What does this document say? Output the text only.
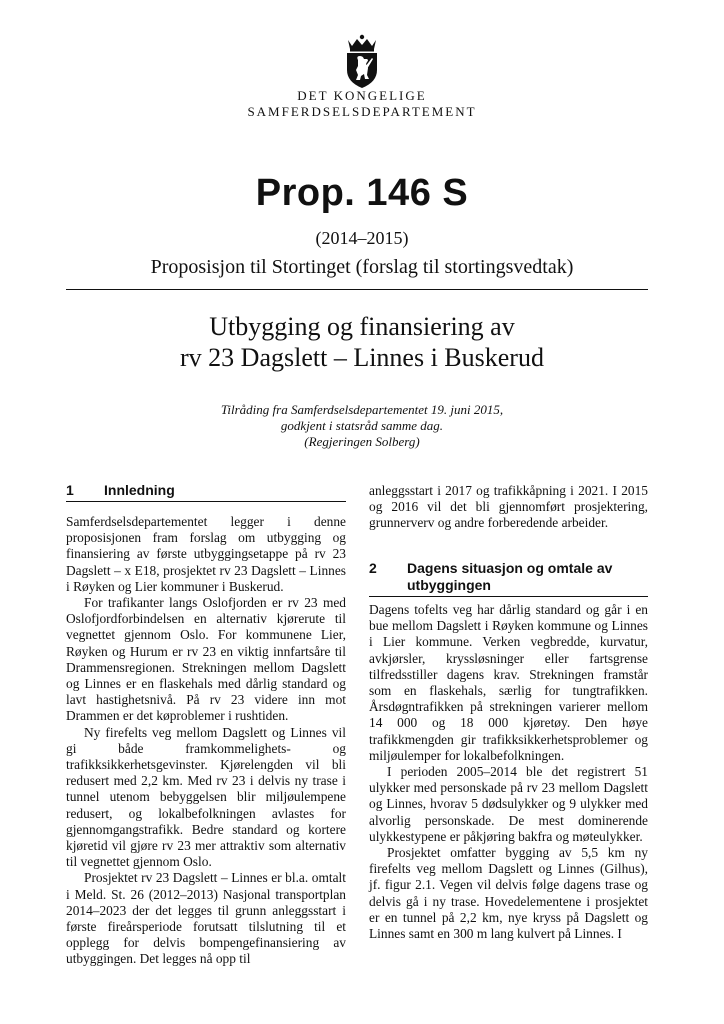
DET KONGELIGE
SAMFERDSELSDEPARTEMENT
Prop. 146 S
(2014–2015)
Proposisjon til Stortinget (forslag til stortingsvedtak)
Utbygging og finansiering av
rv 23 Dagslett – Linnes i Buskerud
Tilråding fra Samferdselsdepartementet 19. juni 2015,
godkjent i statsråd samme dag.
(Regjeringen Solberg)
1 Innledning

Samferdselsdepartementet legger i denne proposisjonen fram forslag om utbygging og finansiering av første utbyggingsetappe på rv 23 Dagslett – x E18, prosjektet rv 23 Dagslett – Linnes i Røyken og Lier kommuner i Buskerud.

For trafikanter langs Oslofjorden er rv 23 med Oslofjordforbindelsen en alternativ kjørerute til vegnettet gjennom Oslo. For kommunene Lier, Røyken og Hurum er rv 23 en viktig innfartsåre til Drammensregionen. Strekningen mellom Dagslett og Linnes er en flaskehals med dårlig standard og lavt hastighetsnivå. På rv 23 videre inn mot Drammen er det køproblemer i rushtiden.

Ny firefelts veg mellom Dagslett og Linnes vil gi både framkommelighets- og trafikksikkerhetsgevinster. Kjørelengden vil bli redusert med 2,2 km. Med rv 23 i delvis ny trase i tunnel utenom bebyggelsen blir miljøulempene redusert, og lokalbefolkningen avlastes for gjennomgangstrafikk. Bedre standard og kortere kjøretid vil gjøre rv 23 mer attraktiv som alternativ til vegnettet gjennom Oslo.

Prosjektet rv 23 Dagslett – Linnes er bl.a. omtalt i Meld. St. 26 (2012–2013) Nasjonal transportplan 2014–2023 der det legges til grunn anleggsstart i første fireårsperiode forutsatt tilslutning til et opplegg for delvis bompengefinansiering av utbyggingen. Det legges nå opp til

anleggsstart i 2017 og trafikkåpning i 2021. I 2015 og 2016 vil det bli gjennomført prosjektering, grunnerverv og andre forberedende arbeider.

2 Dagens situasjon og omtale av utbyggingen

Dagens tofelts veg har dårlig standard og går i en bue mellom Dagslett i Røyken kommune og Linnes i Lier kommune. Verken vegbredde, kurvatur, avkjørsler, kryssløsninger eller fartsgrense tilfredsstiller dagens krav. Strekningen framstår som en flaskehals, særlig for tungtrafikken. Årsdøgntrafikken på strekningen varierer mellom 14 000 og 18 000 kjøretøy. Den høye trafikkmengden gir trafikksikkerhetsproblemer og miljøulemper for lokalbefolkningen.

I perioden 2005–2014 ble det registrert 51 ulykker med personskade på rv 23 mellom Dagslett og Linnes, hvorav 5 dødsulykker og 9 ulykker med alvorlig personskade. De mest dominerende ulykkestypene er påkjøring bakfra og møteulykker.

Prosjektet omfatter bygging av 5,5 km ny firefelts veg mellom Dagslett og Linnes (Gilhus), jf. figur 2.1. Vegen vil delvis følge dagens trase og delvis gå i ny trase. Hovedelementene i prosjektet er en tunnel på 2,2 km, nye kryss på Dagslett og Linnes samt en 300 m lang kulvert på Linnes. I
